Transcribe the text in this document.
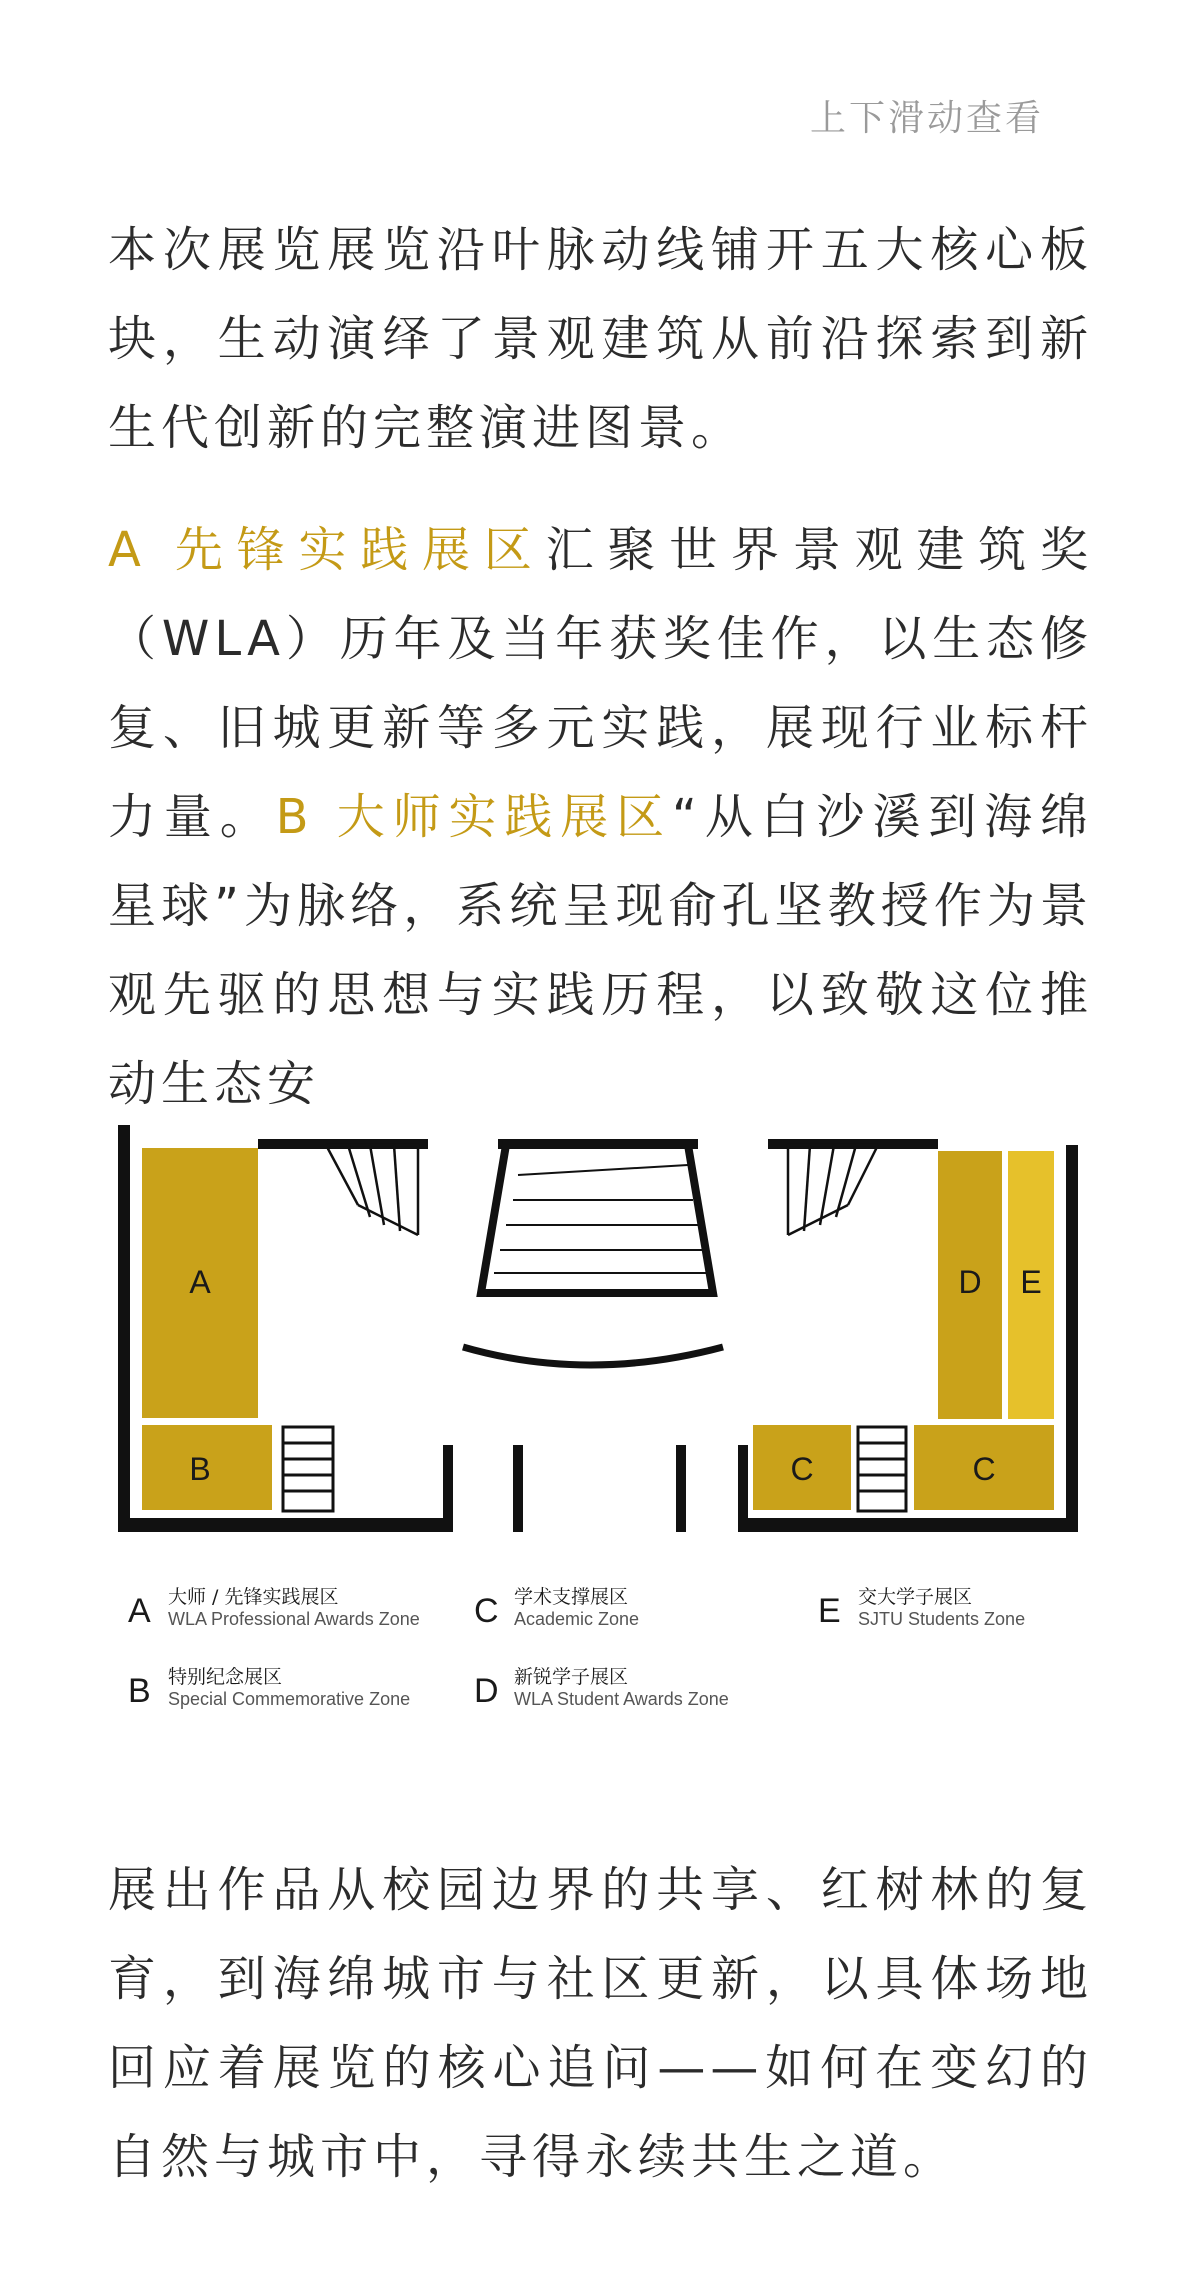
上下滑动查看
本次展览展览沿叶脉动线铺开五大核心板块，生动演绎了景观建筑从前沿探索到新生代创新的完整演进图景。
A 先锋实践展区汇聚世界景观建筑奖（WLA）历年及当年获奖佳作，以生态修复、旧城更新等多元实践，展现行业标杆力量。B 大师实践展区“从白沙溪到海绵星球”为脉络，系统呈现俞孔坚教授作为景观先驱的思想与实践历程，以致敬这位推动生态安
A
B
D E
C	C
A 大师 / 先锋实践展区
WLA Professional Awards Zone C 学术支撑展区
Academic Zone	E 交大学子展区
SJTU Students Zone
B 特别纪念展区
Special Commemorative Zone D 新锐学子展区
WLA Student Awards Zone
展出作品从校园边界的共享、红树林的复育，到海绵城市与社区更新，以具体场地回应着展览的核心追问——如何在变幻的自然与城市中，寻得永续共生之道。
